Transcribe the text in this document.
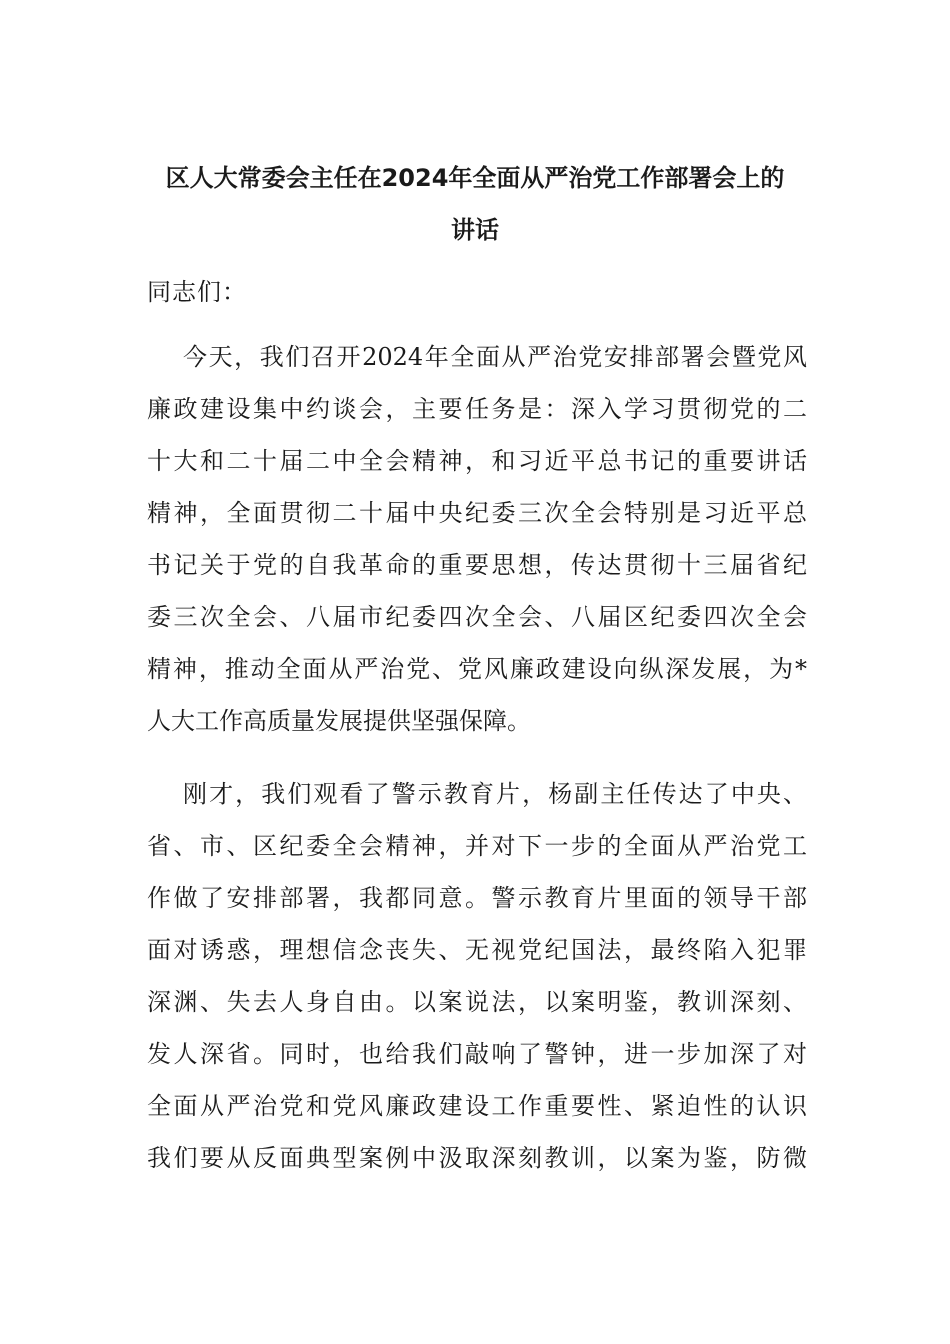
区人大常委会主任在2024年全面从严治党工作部署会上的
讲话

同志们：

今天，我们召开2024年全面从严治党安排部署会暨党风

廉政建设集中约谈会，主要任务是：深入学习贯彻党的二

十大和二十届二中全会精神，和习近平总书记的重要讲话

精神，全面贯彻二十届中央纪委三次全会特别是习近平总

书记关于党的自我革命的重要思想，传达贯彻十三届省纪

委三次全会、八届市纪委四次全会、八届区纪委四次全会

精神，推动全面从严治党、党风廉政建设向纵深发展，为*

人大工作高质量发展提供坚强保障。

刚才，我们观看了警示教育片，杨副主任传达了中央、

省、市、区纪委全会精神，并对下一步的全面从严治党工

作做了安排部署，我都同意。警示教育片里面的领导干部

面对诱惑，理想信念丧失、无视党纪国法，最终陷入犯罪

深渊、失去人身自由。以案说法，以案明鉴，教训深刻、

发人深省。同时，也给我们敲响了警钟，进一步加深了对

全面从严治党和党风廉政建设工作重要性、紧迫性的认识

我们要从反面典型案例中汲取深刻教训，以案为鉴，防微
